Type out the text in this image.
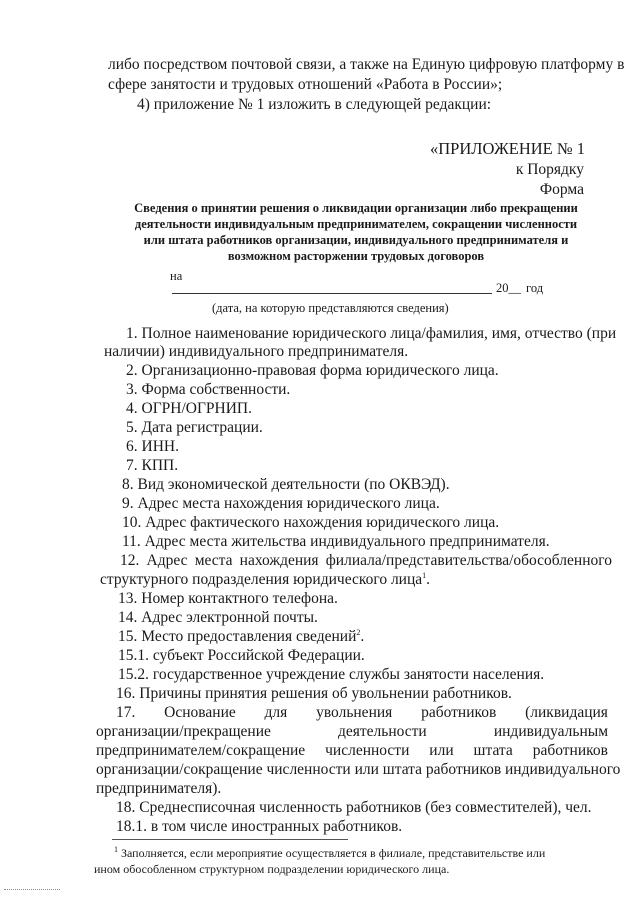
либо посредством почтовой связи, а также на Единую цифровую платформу в
сфере занятости и трудовых отношений «Работа в России»;
4) приложение № 1 изложить в следующей редакции:
«ПРИЛОЖЕНИЕ № 1
к Порядку
Форма
Сведения о принятии решения о ликвидации организации либо прекращении
деятельности индивидуальным предпринимателем, сокращении численности
или штата работников организации, индивидуального предпринимателя и
возможном расторжении трудовых договоров
на
20__ год
(дата, на которую представляются сведения)
1. Полное наименование юридического лица/фамилия, имя, отчество (при
наличии) индивидуального предпринимателя.
2. Организационно-правовая форма юридического лица.
3. Форма собственности.
4. ОГРН/ОГРНИП.
5. Дата регистрации.
6. ИНН.
7. КПП.
8. Вид экономической деятельности (по ОКВЭД).
9. Адрес места нахождения юридического лица.
10. Адрес фактического нахождения юридического лица.
11. Адрес места жительства индивидуального предпринимателя.
12. Адрес места нахождения филиала/представительства/обособленного
структурного подразделения юридического лица$^1$.
13. Номер контактного телефона.
14. Адрес электронной почты.
15. Место предоставления сведений$^2$.
15.1. субъект Российской Федерации.
15.2. государственное учреждение службы занятости населения.
16. Причины принятия решения об увольнении работников.
17. Основание для увольнения работников (ликвидация
организации/прекращение	деятельности	индивидуальным
предпринимателем/сокращение численности или штата работников
организации/сокращение численности или штата работников индивидуального
предпринимателя).
18. Среднесписочная численность работников (без совместителей), чел.
18.1. в том числе иностранных работников.
$^1$ Заполняется, если мероприятие осуществляется в филиале, представительстве или
ином обособленном структурном подразделении юридического лица.
